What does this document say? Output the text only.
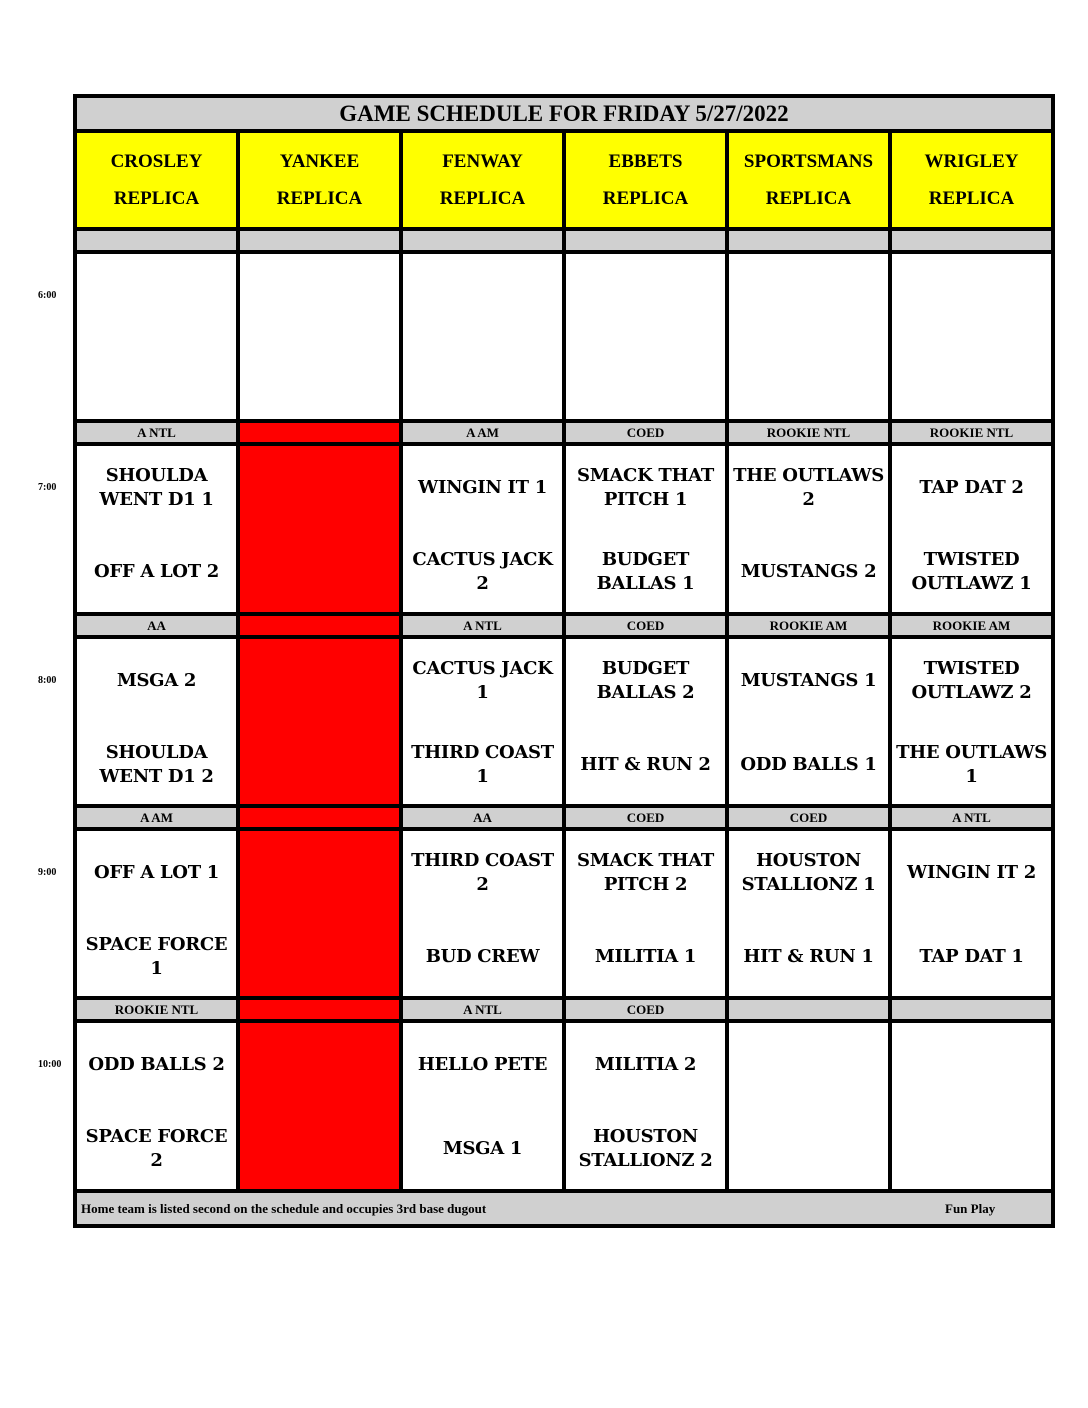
GAME SCHEDULE FOR FRIDAY 5/27/2022
CROSLEY
REPLICA
YANKEE
REPLICA
FENWAY
REPLICA
EBBETS
REPLICA
SPORTSMANS
REPLICA
WRIGLEY
REPLICA
6:00
7:00
A NTL
SHOULDA WENT D1 1
OFF A LOT 2
A AM
WINGIN IT 1
CACTUS JACK 2
COED
SMACK THAT PITCH 1
BUDGET BALLAS 1
ROOKIE NTL
THE OUTLAWS 2
MUSTANGS 2
ROOKIE NTL
TAP DAT 2
TWISTED OUTLAWZ 1
8:00
AA
MSGA 2
SHOULDA WENT D1 2
A NTL
CACTUS JACK 1
THIRD COAST 1
COED
BUDGET BALLAS 2
HIT & RUN 2
ROOKIE AM
MUSTANGS 1
ODD BALLS 1
ROOKIE AM
TWISTED OUTLAWZ 2
THE OUTLAWS 1
9:00
A AM
OFF A LOT 1
SPACE FORCE 1
AA
THIRD COAST 2
BUD CREW
COED
SMACK THAT PITCH 2
MILITIA 1
COED
HOUSTON STALLIONZ 1
HIT & RUN 1
A NTL
WINGIN IT 2
TAP DAT 1
10:00
ROOKIE NTL
ODD BALLS 2
SPACE FORCE 2
A NTL
HELLO PETE
MSGA 1
COED
MILITIA 2
HOUSTON STALLIONZ 2
Home team is listed second on the schedule and occupies 3rd base dugout	Fun Play
